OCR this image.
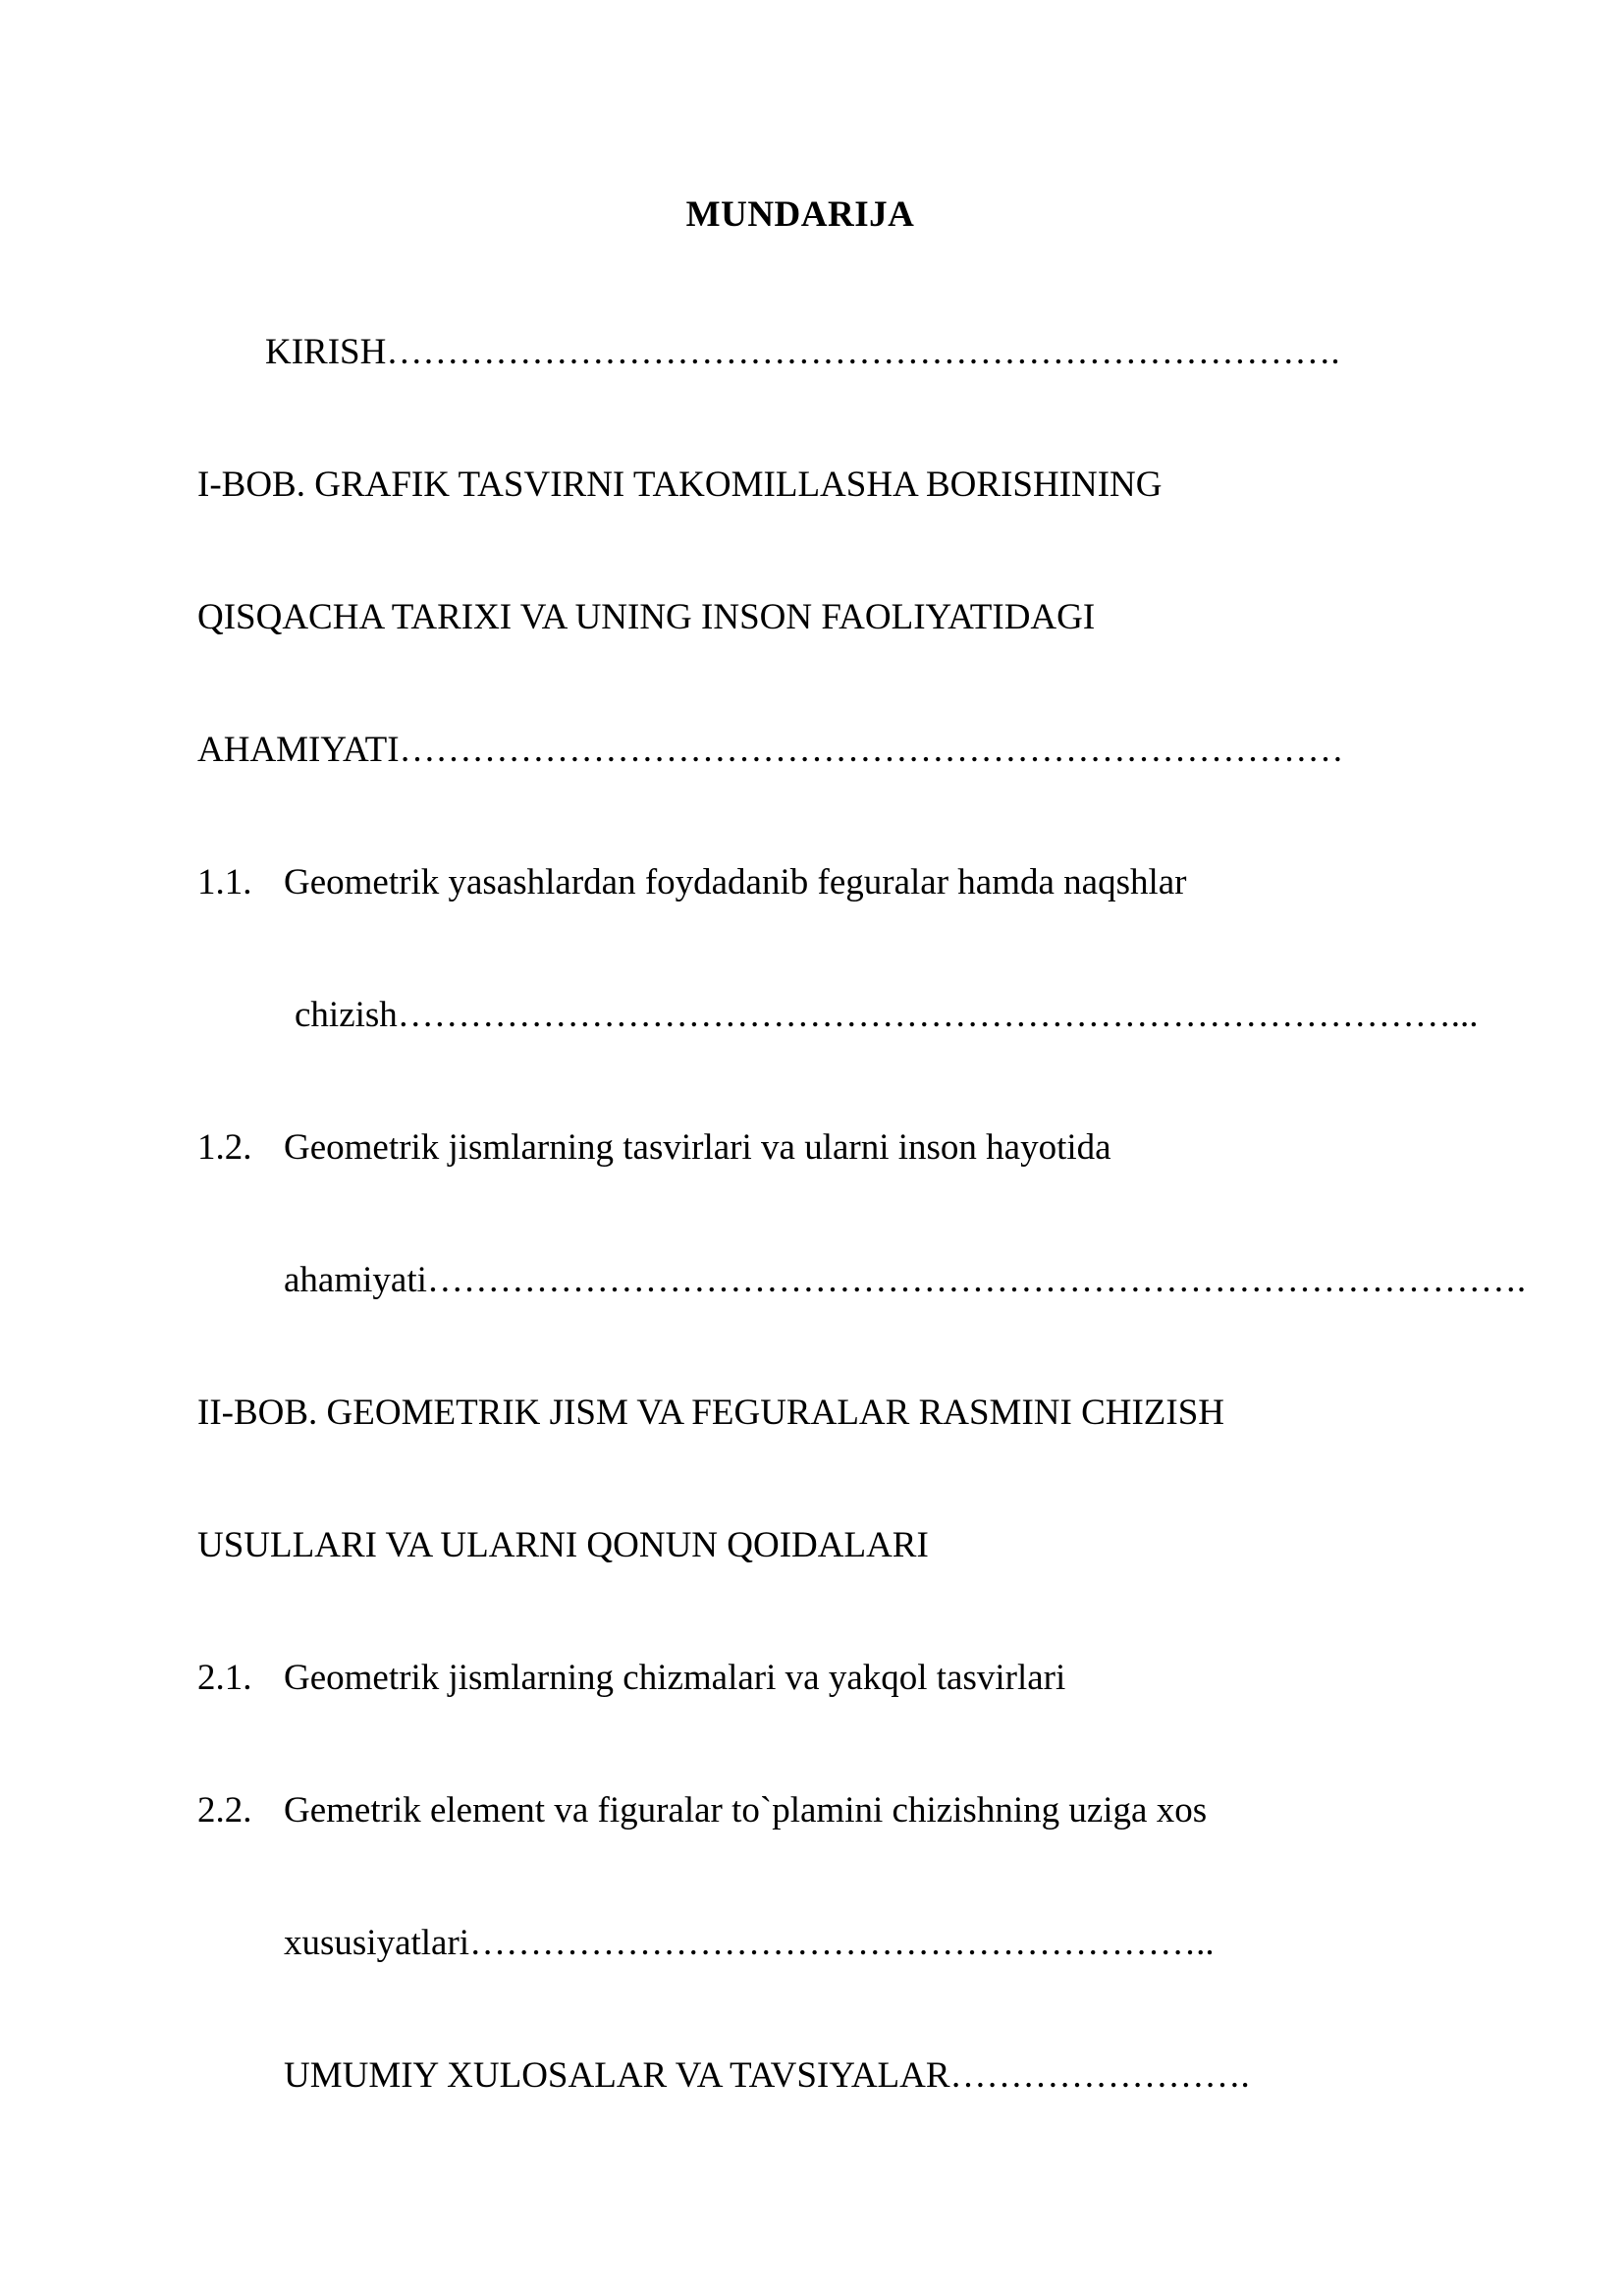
MUNDARIJA
KIRISH…………………………………………………………………….
I-BOB. GRAFIK TASVIRNI TAKOMILLASHA BORISHINING
QISQACHA TARIXI VA UNING INSON FAOLIYATIDAGI
AHAMIYATI……………………………………………………………………
1.1. Geometrik yasashlardan foydadanib feguralar hamda naqshlar
chizish……………………………………………………………………………...
1.2. Geometrik jismlarning tasvirlari va ularni inson hayotida
ahamiyati……………………………………………………………………………….
II-BOB. GEOMETRIK JISM VA FEGURALAR RASMINI CHIZISH
USULLARI VA ULARNI QONUN QOIDALARI
2.1. Geometrik jismlarning chizmalari va yakqol tasvirlari
2.2. Gemetrik element va figuralar to`plamini chizishning uziga xos
xususiyatlari……………………………………………………..
UMUMIY XULOSALAR VA TAVSIYALAR…………………….
